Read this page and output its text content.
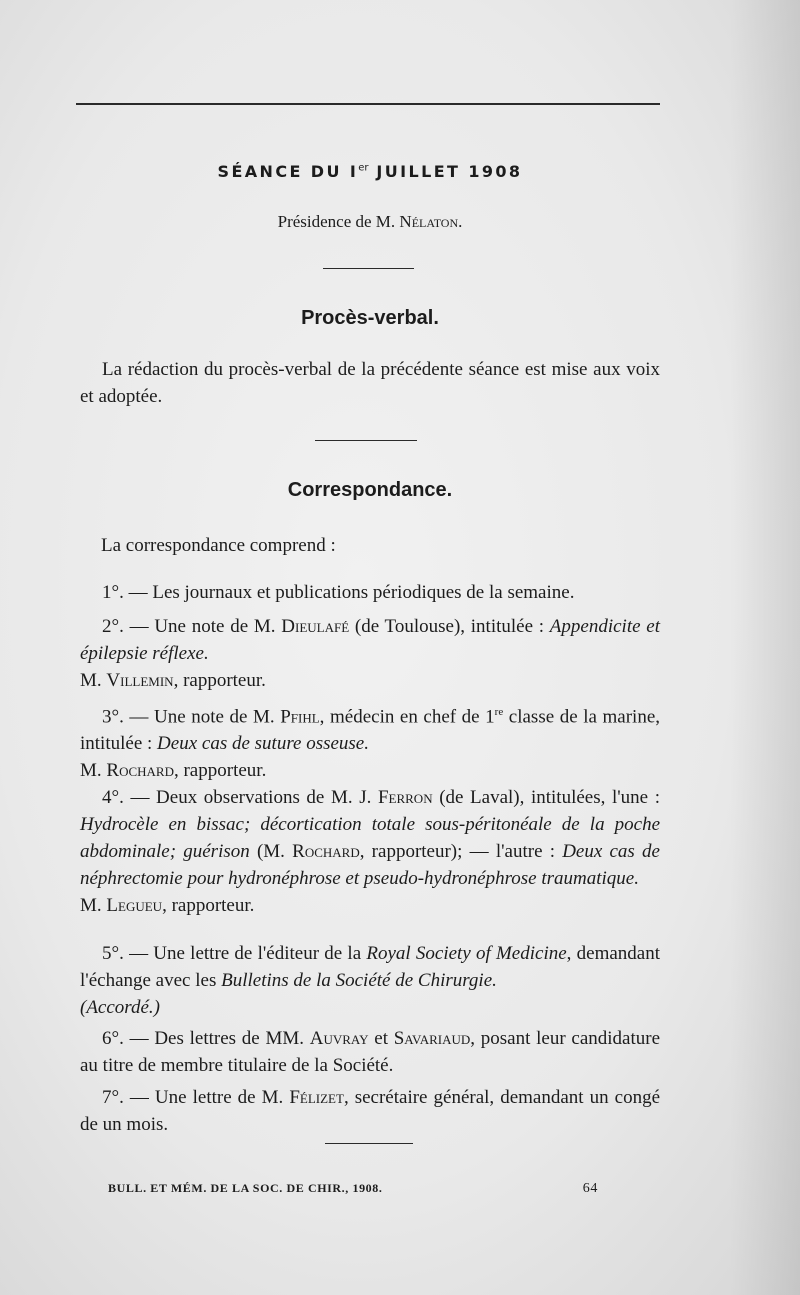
SÉANCE DU Ier JUILLET 1908
Présidence de M. Nélaton.
Procès-verbal.
La rédaction du procès-verbal de la précédente séance est mise aux voix et adoptée.
Correspondance.
La correspondance comprend :
1°. — Les journaux et publications périodiques de la semaine.
2°. — Une note de M. Dieulafé (de Toulouse), intitulée : Appendicite et épilepsie réflexe.
M. Villemin, rapporteur.
3°. — Une note de M. Pfihl, médecin en chef de 1re classe de la marine, intitulée : Deux cas de suture osseuse.
M. Rochard, rapporteur.
4°. — Deux observations de M. J. Ferron (de Laval), intitulées, l'une : Hydrocèle en bissac; décortication totale sous-péritonéale de la poche abdominale; guérison (M. Rochard, rapporteur); — l'autre : Deux cas de néphrectomie pour hydronéphrose et pseudo-hydronéphrose traumatique.
M. Legueu, rapporteur.
5°. — Une lettre de l'éditeur de la Royal Society of Medicine, demandant l'échange avec les Bulletins de la Société de Chirurgie.
(Accordé.)
6°. — Des lettres de MM. Auvray et Savariaud, posant leur candidature au titre de membre titulaire de la Société.
7°. — Une lettre de M. Félizet, secrétaire général, demandant un congé de un mois.
BULL. ET MÉM. DE LA SOC. DE CHIR., 1908.	64
